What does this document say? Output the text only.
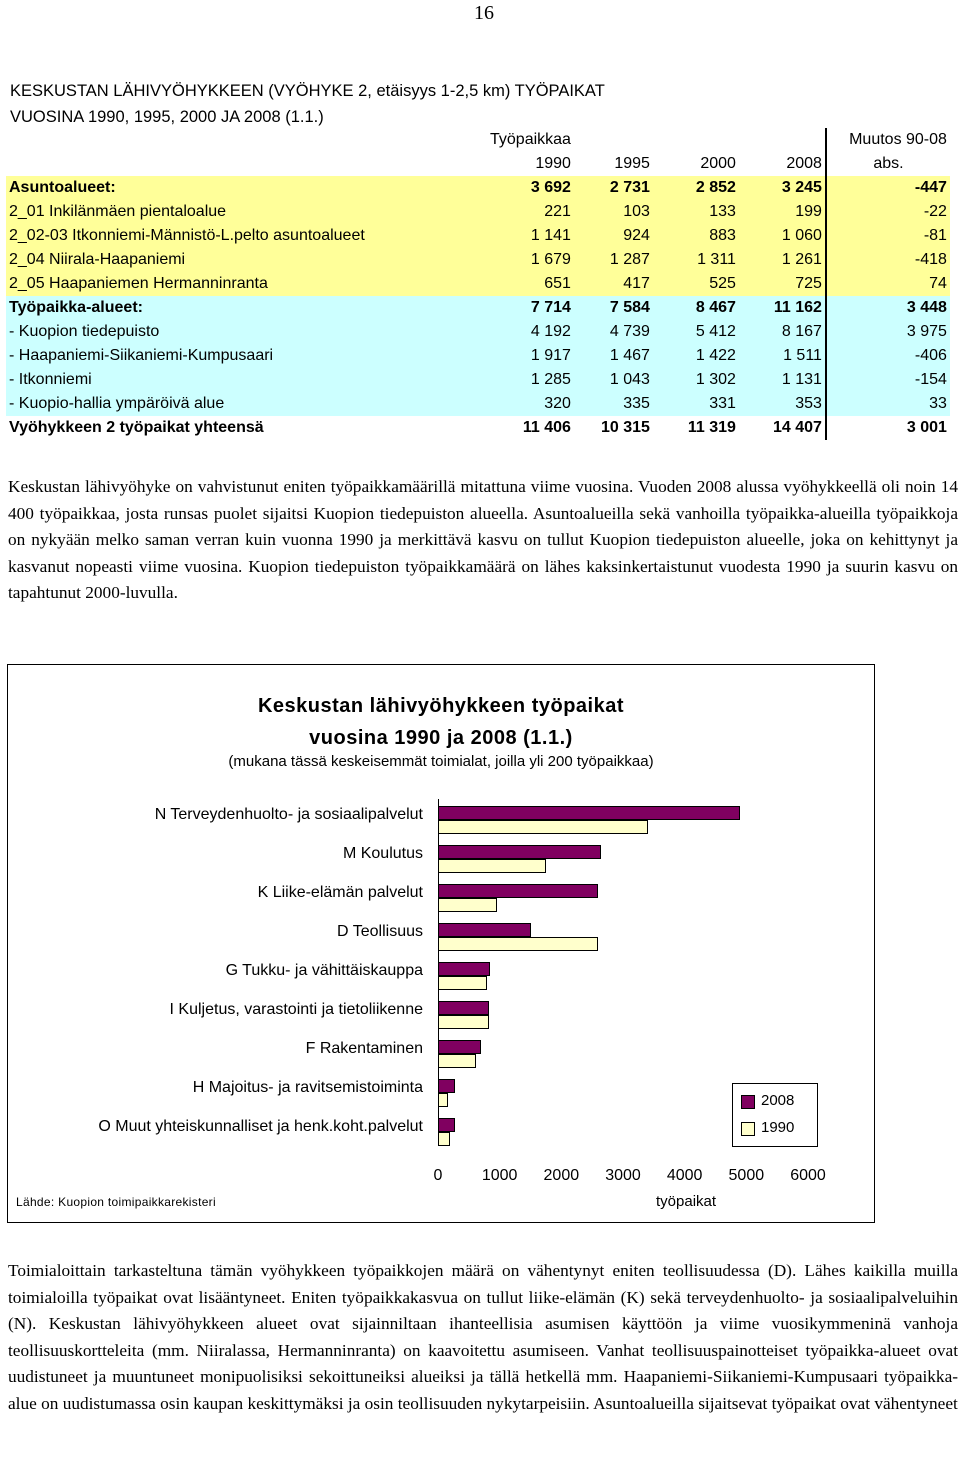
16
KESKUSTAN LÄHIVYÖHYKKEEN (VYÖHYKE 2, etäisyys 1-2,5 km) TYÖPAIKAT
VUOSINA 1990, 1995, 2000 JA 2008 (1.1.)
	Työpaikkaa				Muutos 90-08
	1990	1995	2000	2008	abs.
Asuntoalueet:	3 692	2 731	2 852	3 245	-447
2_01 Inkilänmäen pientaloalue	221	103	133	199	-22
2_02-03 Itkonniemi-Männistö-L.pelto asuntoalueet	1 141	924	883	1 060	-81
2_04 Niirala-Haapaniemi	1 679	1 287	1 311	1 261	-418
2_05 Haapaniemen Hermanninranta	651	417	525	725	74
Työpaikka-alueet:	7 714	7 584	8 467	11 162	3 448
- Kuopion tiedepuisto	4 192	4 739	5 412	8 167	3 975
- Haapaniemi-Siikaniemi-Kumpusaari	1 917	1 467	1 422	1 511	-406
- Itkonniemi	1 285	1 043	1 302	1 131	-154
- Kuopio-hallia ympäröivä alue	320	335	331	353	33
Vyöhykkeen 2 työpaikat yhteensä	11 406	10 315	11 319	14 407	3 001

Keskustan lähivyöhyke on vahvistunut eniten työpaikkamäärillä mitattuna viime vuosina. Vuoden 2008 alussa vyöhykkeellä oli noin 14 400 työpaikkaa, josta runsas puolet sijaitsi Kuopion tiedepuiston alueella. Asuntoalueilla sekä vanhoilla työpaikka-alueilla työpaikkoja on nykyään melko saman verran kuin vuonna 1990 ja merkittävä kasvu on tullut Kuopion tiedepuiston alueelle, joka on kehittynyt ja kasvanut nopeasti viime vuosina. Kuopion tiedepuiston työpaikkamäärä on lähes kaksinkertaistunut vuodesta 1990 ja suurin kasvu on tapahtunut 2000-luvulla.

Keskustan lähivyöhykkeen työpaikat
vuosina 1990 ja 2008 (1.1.)
(mukana tässä keskeisemmät toimialat, joilla yli 200 työpaikkaa)
N Terveydenhuolto- ja sosiaalipalvelut
M Koulutus
K Liike-elämän palvelut
D Teollisuus
G Tukku- ja vähittäiskauppa
I Kuljetus, varastointi ja tietoliikenne
F Rakentaminen
H Majoitus- ja ravitsemistoiminta
O Muut yhteiskunnalliset ja henk.koht.palvelut
2008
1990
0 1000 2000 3000 4000 5000 6000
työpaikat
Lähde: Kuopion toimipaikkarekisteri

Toimialoittain tarkasteltuna tämän vyöhykkeen työpaikkojen määrä on vähentynyt eniten teollisuudessa (D). Lähes kaikilla muilla toimialoilla työpaikat ovat lisääntyneet. Eniten työpaikkakasvua on tullut liike-elämän (K) sekä terveydenhuolto- ja sosiaalipalveluihin (N). Keskustan lähivyöhykkeen alueet ovat sijainniltaan ihanteellisia asumisen käyttöön ja viime vuosikymmeninä vanhoja teollisuuskortteleita (mm. Niiralassa, Hermanninranta) on kaavoitettu asumiseen. Vanhat teollisuuspainotteiset työpaikka-alueet ovat uudistuneet ja muuntuneet monipuolisiksi sekoittuneiksi alueiksi ja tällä hetkellä mm. Haapaniemi-Siikaniemi-Kumpusaari työpaikka-alue on uudistumassa osin kaupan keskittymäksi ja osin teollisuuden nykytarpeisiin. Asuntoalueilla sijaitsevat työpaikat ovat vähentyneet
